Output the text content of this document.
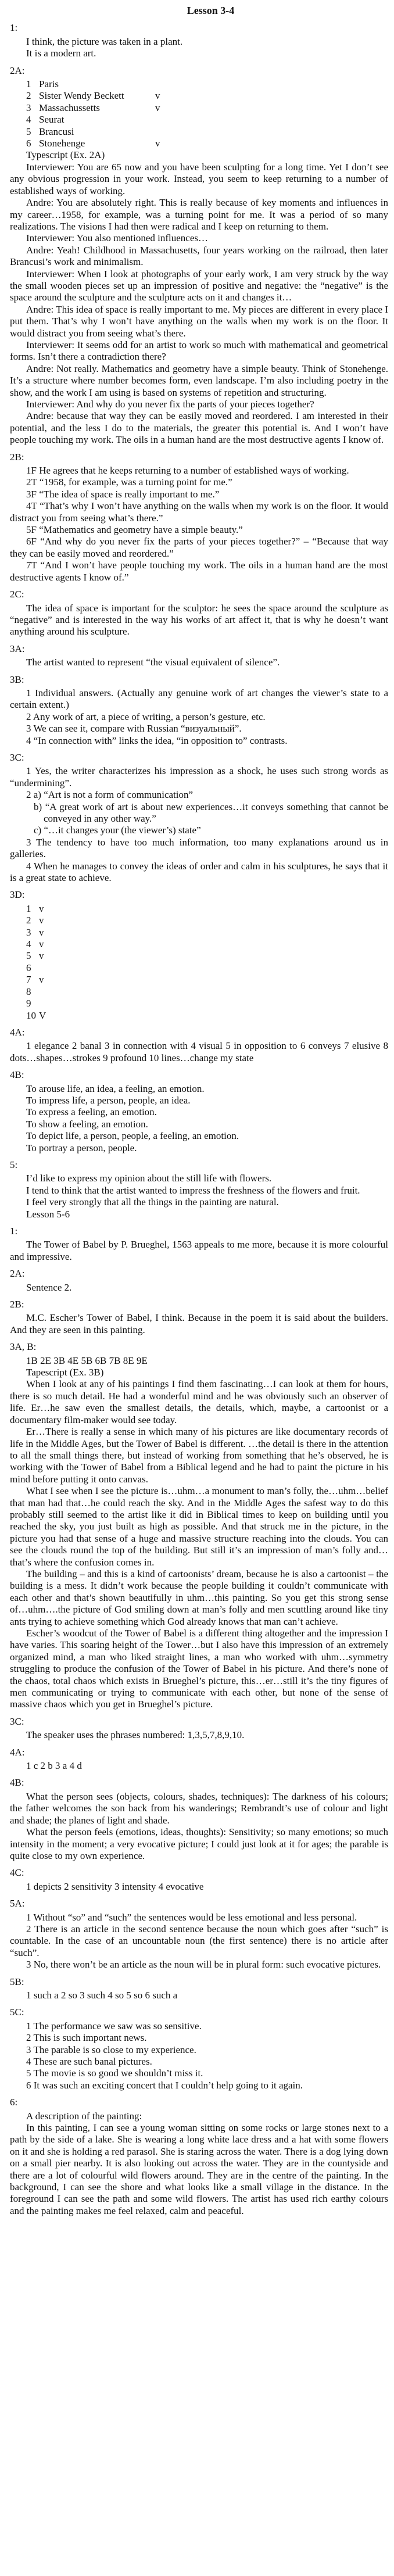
Lesson 3-4
1:
I think, the picture was taken in a plant.
It is a modern art.
2A:
1 Paris
2 Sister Wendy Beckett	v
3 Massachussetts	v
4 Seurat
5 Brancusi
6 Stonehenge	v
Typescript (Ex. 2A)
Interviewer: You are 65 now and you have been sculpting for a long time. Yet I don’t see any obvious progression in your work. Instead, you seem to keep returning to a number of established ways of working.
Andre: You are absolutely right. This is really because of key moments and influences in my career…1958, for example, was a turning point for me. It was a period of so many realizations. The visions I had then were radical and I keep on returning to them.
Interviewer: You also mentioned influences…
Andre: Yeah! Childhood in Massachusetts, four years working on the railroad, then later Brancusi’s work and minimalism.
Interviewer: When I look at photographs of your early work, I am very struck by the way the small wooden pieces set up an impression of positive and negative: the “negative” is the space around the sculpture and the sculpture acts on it and changes it…
Andre: This idea of space is really important to me. My pieces are different in every place I put them. That’s why I won’t have anything on the walls when my work is on the floor. It would distract you from seeing what’s there.
Interviewer: It seems odd for an artist to work so much with mathematical and geometrical forms. Isn’t there a contradiction there?
Andre: Not really. Mathematics and geometry have a simple beauty. Think of Stonehenge. It’s a structure where number becomes form, even landscape. I’m also including poetry in the show, and the work I am using is based on systems of repetition and structuring.
Interviewer: And why do you never fix the parts of your pieces together?
Andre: because that way they can be easily moved and reordered. I am interested in their potential, and the less I do to the materials, the greater this potential is. And I won’t have people touching my work. The oils in a human hand are the most destructive agents I know of.
2B:
1F He agrees that he keeps returning to a number of established ways of working.
2T “1958, for example, was a turning point for me.”
3F “The idea of space is really important to me.”
4T “That’s why I won’t have anything on the walls when my work is on the floor. It would distract you from seeing what’s there.”
5F “Mathematics and geometry have a simple beauty.”
6F “And why do you never fix the parts of your pieces together?” – “Because that way they can be easily moved and reordered.”
7T “And I won’t have people touching my work. The oils in a human hand are the most destructive agents I know of.”
2C:
The idea of space is important for the sculptor: he sees the space around the sculpture as “negative” and is interested in the way his works of art affect it, that is why he doesn’t want anything around his sculpture.
3A:
The artist wanted to represent “the visual equivalent of silence”.
3B:
1 Individual answers. (Actually any genuine work of art changes the viewer’s state to a certain extent.)
2 Any work of art, a piece of writing, a person’s gesture, etc.
3 We can see it, compare with Russian “визуальный”.
4 “In connection with” links the idea, “in opposition to” contrasts.
3C:
1 Yes, the writer characterizes his impression as a shock, he uses such strong words as “undermining”.
2 a) “Art is not a form of communication”
b) “A great work of art is about new experiences…it conveys something that cannot be conveyed in any other way.”
c) “…it changes your (the viewer’s) state”
3 The tendency to have too much information, too many explanations around us in galleries.
4 When he manages to convey the ideas of order and calm in his sculptures, he says that it is a great state to achieve.
3D:
1 v
2 v
3 v
4 v
5 v
6
7 v
8
9
10 V
4A:
1 elegance 2 banal 3 in connection with 4 visual 5 in opposition to 6 conveys 7 elusive 8 dots…shapes…strokes 9 profound 10 lines…change my state
4B:
To arouse life, an idea, a feeling, an emotion.
To impress life, a person, people, an idea.
To express a feeling, an emotion.
To show a feeling, an emotion.
To depict life, a person, people, a feeling, an emotion.
To portray a person, people.
5:
I’d like to express my opinion about the still life with flowers.
I tend to think that the artist wanted to impress the freshness of the flowers and fruit.
I feel very strongly that all the things in the painting are natural.
Lesson 5-6
1:
The Tower of Babel by P. Brueghel, 1563 appeals to me more, because it is more colourful and impressive.
2A:
Sentence 2.
2B:
M.C. Escher’s Tower of Babel, I think. Because in the poem it is said about the builders. And they are seen in this painting.
3A, B:
1B 2E 3B 4E 5B 6B 7B 8E 9E
Tapescript (Ex. 3B)
When I look at any of his paintings I find them fascinating…I can look at them for hours, there is so much detail. He had a wonderful mind and he was obviously such an observer of life. Er…he saw even the smallest details, the details, which, maybe, a cartoonist or a documentary film-maker would see today.
Er…There is really a sense in which many of his pictures are like documentary records of life in the Middle Ages, but the Tower of Babel is different. …the detail is there in the attention to all the small things there, but instead of working from something that he’s observed, he is working with the Tower of Babel from a Biblical legend and he had to paint the picture in his mind before putting it onto canvas.
What I see when I see the picture is…uhm…a monument to man’s folly, the…uhm…belief that man had that…he could reach the sky. And in the Middle Ages the safest way to do this probably still seemed to the artist like it did in Biblical times to keep on building until you reached the sky, you just built as high as possible. And that struck me in the picture, in the picture you had that sense of a huge and massive structure reaching into the clouds. You can see the clouds round the top of the building. But still it’s an impression of man’s folly and…that’s where the confusion comes in.
The building – and this is a kind of cartoonists’ dream, because he is also a cartoonist – the building is a mess. It didn’t work because the people building it couldn’t communicate with each other and that’s shown beautifully in uhm…this painting. So you get this strong sense of…uhm….the picture of God smiling down at man’s folly and men scuttling around like tiny ants trying to achieve something which God already knows that man can’t achieve.
Escher’s woodcut of the Tower of Babel is a different thing altogether and the impression I have varies. This soaring height of the Tower…but I also have this impression of an extremely organized mind, a man who liked straight lines, a man who worked with uhm…symmetry struggling to produce the confusion of the Tower of Babel in his picture. And there’s none of the chaos, total chaos which exists in Brueghel’s picture, this…er…still it’s the tiny figures of men communicating or trying to communicate with each other, but none of the sense of massive chaos which you get in Brueghel’s picture.
3C:
The speaker uses the phrases numbered: 1,3,5,7,8,9,10.
4A:
1 c 2 b 3 a 4 d
4B:
What the person sees (objects, colours, shades, techniques): The darkness of his colours; the father welcomes the son back from his wanderings; Rembrandt’s use of colour and light and shade; the planes of light and shade.
What the person feels (emotions, ideas, thoughts): Sensitivity; so many emotions; so much intensity in the moment; a very evocative picture; I could just look at it for ages; the parable is quite close to my own experience.
4C:
1 depicts 2 sensitivity 3 intensity 4 evocative
5A:
1 Without “so” and “such” the sentences would be less emotional and less personal.
2 There is an article in the second sentence because the noun which goes after “such” is countable. In the case of an uncountable noun (the first sentence) there is no article after “such”.
3 No, there won’t be an article as the noun will be in plural form: such evocative pictures.
5B:
1 such a 2 so 3 such 4 so 5 so 6 such a
5C:
1 The performance we saw was so sensitive.
2 This is such important news.
3 The parable is so close to my experience.
4 These are such banal pictures.
5 The movie is so good we shouldn’t miss it.
6 It was such an exciting concert that I couldn’t help going to it again.
6:
A description of the painting:
In this painting, I can see a young woman sitting on some rocks or large stones next to a path by the side of a lake. She is wearing a long white lace dress and a hat with some flowers on it and she is holding a red parasol. She is staring across the water. There is a dog lying down on a small pier nearby. It is also looking out across the water. They are in the countyside and there are a lot of colourful wild flowers around. They are in the centre of the painting. In the background, I can see the shore and what looks like a small village in the distance. In the foreground I can see the path and some wild flowers. The artist has used rich earthy colours and the painting makes me feel relaxed, calm and peaceful.
